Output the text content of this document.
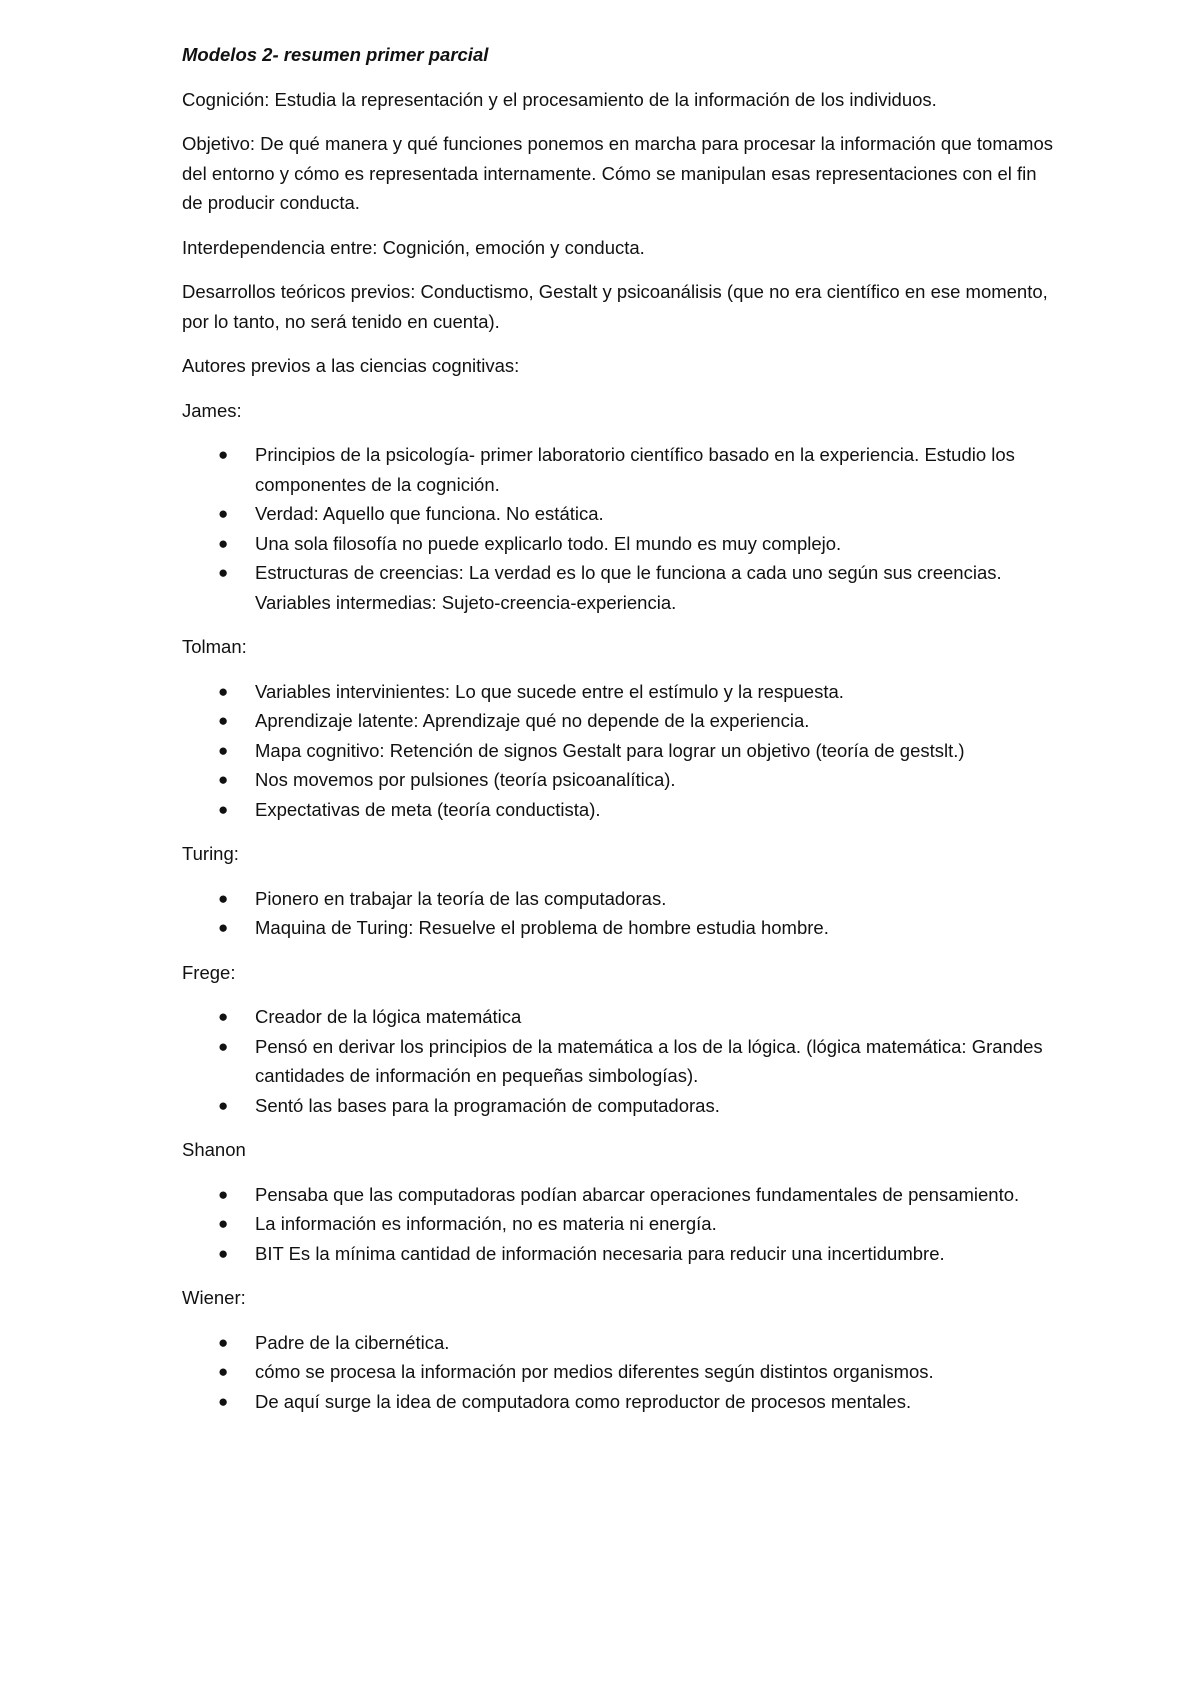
Modelos 2- resumen primer parcial

Cognición: Estudia la representación y el procesamiento de la información de los individuos.

Objetivo: De qué manera y qué funciones ponemos en marcha para procesar la información que tomamos del entorno y cómo es representada internamente. Cómo se manipulan esas representaciones con el fin de producir conducta.

Interdependencia entre: Cognición, emoción y conducta.

Desarrollos teóricos previos: Conductismo, Gestalt y psicoanálisis (que no era científico en ese momento, por lo tanto, no será tenido en cuenta).

Autores previos a las ciencias cognitivas:

James:

● Principios de la psicología- primer laboratorio científico basado en la experiencia. Estudio los componentes de la cognición.
● Verdad: Aquello que funciona. No estática.
● Una sola filosofía no puede explicarlo todo. El mundo es muy complejo.
● Estructuras de creencias: La verdad es lo que le funciona a cada uno según sus creencias. Variables intermedias: Sujeto-creencia-experiencia.

Tolman:

● Variables intervinientes: Lo que sucede entre el estímulo y la respuesta.
● Aprendizaje latente: Aprendizaje qué no depende de la experiencia.
● Mapa cognitivo: Retención de signos Gestalt para lograr un objetivo (teoría de gestslt.)
● Nos movemos por pulsiones (teoría psicoanalítica).
● Expectativas de meta (teoría conductista).

Turing:

● Pionero en trabajar la teoría de las computadoras.
● Maquina de Turing: Resuelve el problema de hombre estudia hombre.

Frege:

● Creador de la lógica matemática
● Pensó en derivar los principios de la matemática a los de la lógica. (lógica matemática: Grandes cantidades de información en pequeñas simbologías).
● Sentó las bases para la programación de computadoras.

Shanon

● Pensaba que las computadoras podían abarcar operaciones fundamentales de pensamiento.
● La información es información, no es materia ni energía.
● BIT Es la mínima cantidad de información necesaria para reducir una incertidumbre.

Wiener:

● Padre de la cibernética.
● cómo se procesa la información por medios diferentes según distintos organismos.
● De aquí surge la idea de computadora como reproductor de procesos mentales.
